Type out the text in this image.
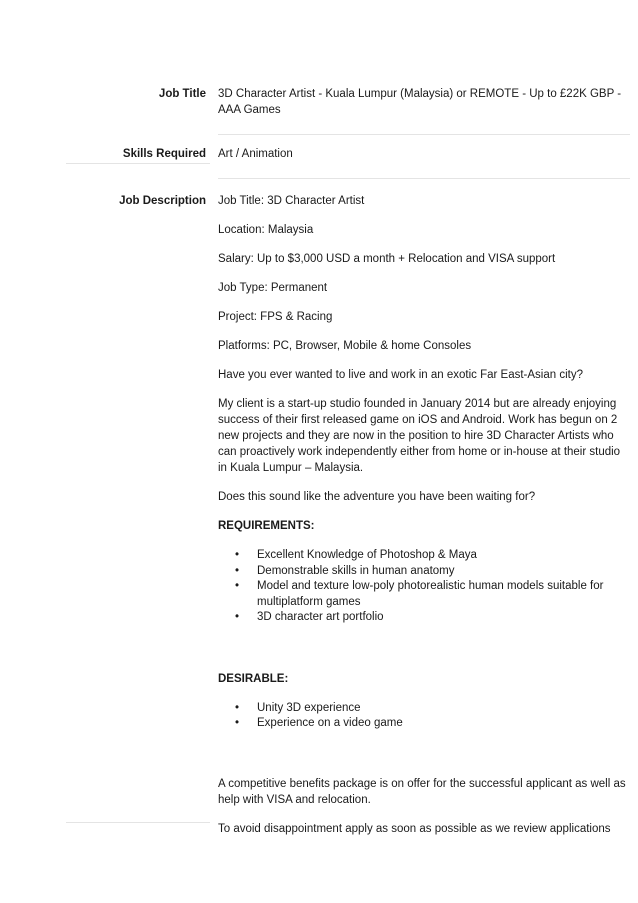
Job Title 3D Character Artist - Kuala Lumpur (Malaysia) or REMOTE - Up to £22K GBP - AAA Games
Skills Required Art / Animation
Job Description Job Title: 3D Character Artist

Location: Malaysia

Salary: Up to $3,000 USD a month + Relocation and VISA support

Job Type: Permanent

Project: FPS & Racing

Platforms: PC, Browser, Mobile & home Consoles

Have you ever wanted to live and work in an exotic Far East-Asian city?

My client is a start-up studio founded in January 2014 but are already enjoying success of their first released game on iOS and Android. Work has begun on 2 new projects and they are now in the position to hire 3D Character Artists who can proactively work independently either from home or in-house at their studio in Kuala Lumpur – Malaysia.

Does this sound like the adventure you have been waiting for?

REQUIREMENTS:

• Excellent Knowledge of Photoshop & Maya
• Demonstrable skills in human anatomy
• Model and texture low-poly photorealistic human models suitable for multiplatform games
• 3D character art portfolio

DESIRABLE:

• Unity 3D experience
• Experience on a video game

A competitive benefits package is on offer for the successful applicant as well as help with VISA and relocation.

To avoid disappointment apply as soon as possible as we review applications
